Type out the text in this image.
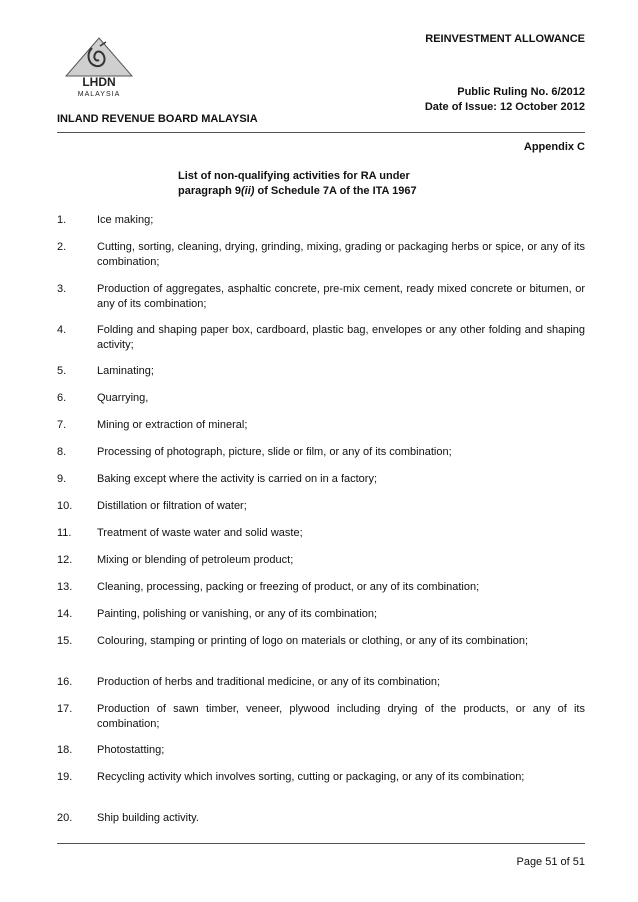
LHDN
MALAYSIA
REINVESTMENT ALLOWANCE
Public Ruling No. 6/2012
Date of Issue: 12 October 2012
INLAND REVENUE BOARD MALAYSIA
Appendix C
List of non-qualifying activities for RA under
paragraph 9(ii) of Schedule 7A of the ITA 1967
1.	Ice making;
2.	Cutting, sorting, cleaning, drying, grinding, mixing, grading or packaging herbs or spice, or any of its combination;
3.	Production of aggregates, asphaltic concrete, pre-mix cement, ready mixed concrete or bitumen, or any of its combination;
4.	Folding and shaping paper box, cardboard, plastic bag, envelopes or any other folding and shaping activity;
5.	Laminating;
6.	Quarrying,
7.	Mining or extraction of mineral;
8.	Processing of photograph, picture, slide or film, or any of its combination;
9.	Baking except where the activity is carried on in a factory;
10.	Distillation or filtration of water;
11.	Treatment of waste water and solid waste;
12.	Mixing or blending of petroleum product;
13.	Cleaning, processing, packing or freezing of product, or any of its combination;
14.	Painting, polishing or vanishing, or any of its combination;
15.	Colouring, stamping or printing of logo on materials or clothing, or any of its combination;
16.	Production of herbs and traditional medicine, or any of its combination;
17.	Production of sawn timber, veneer, plywood including drying of the products, or any of its combination;
18.	Photostatting;
19.	Recycling activity which involves sorting, cutting or packaging, or any of its combination;
20.	Ship building activity.
Page 51 of 51
